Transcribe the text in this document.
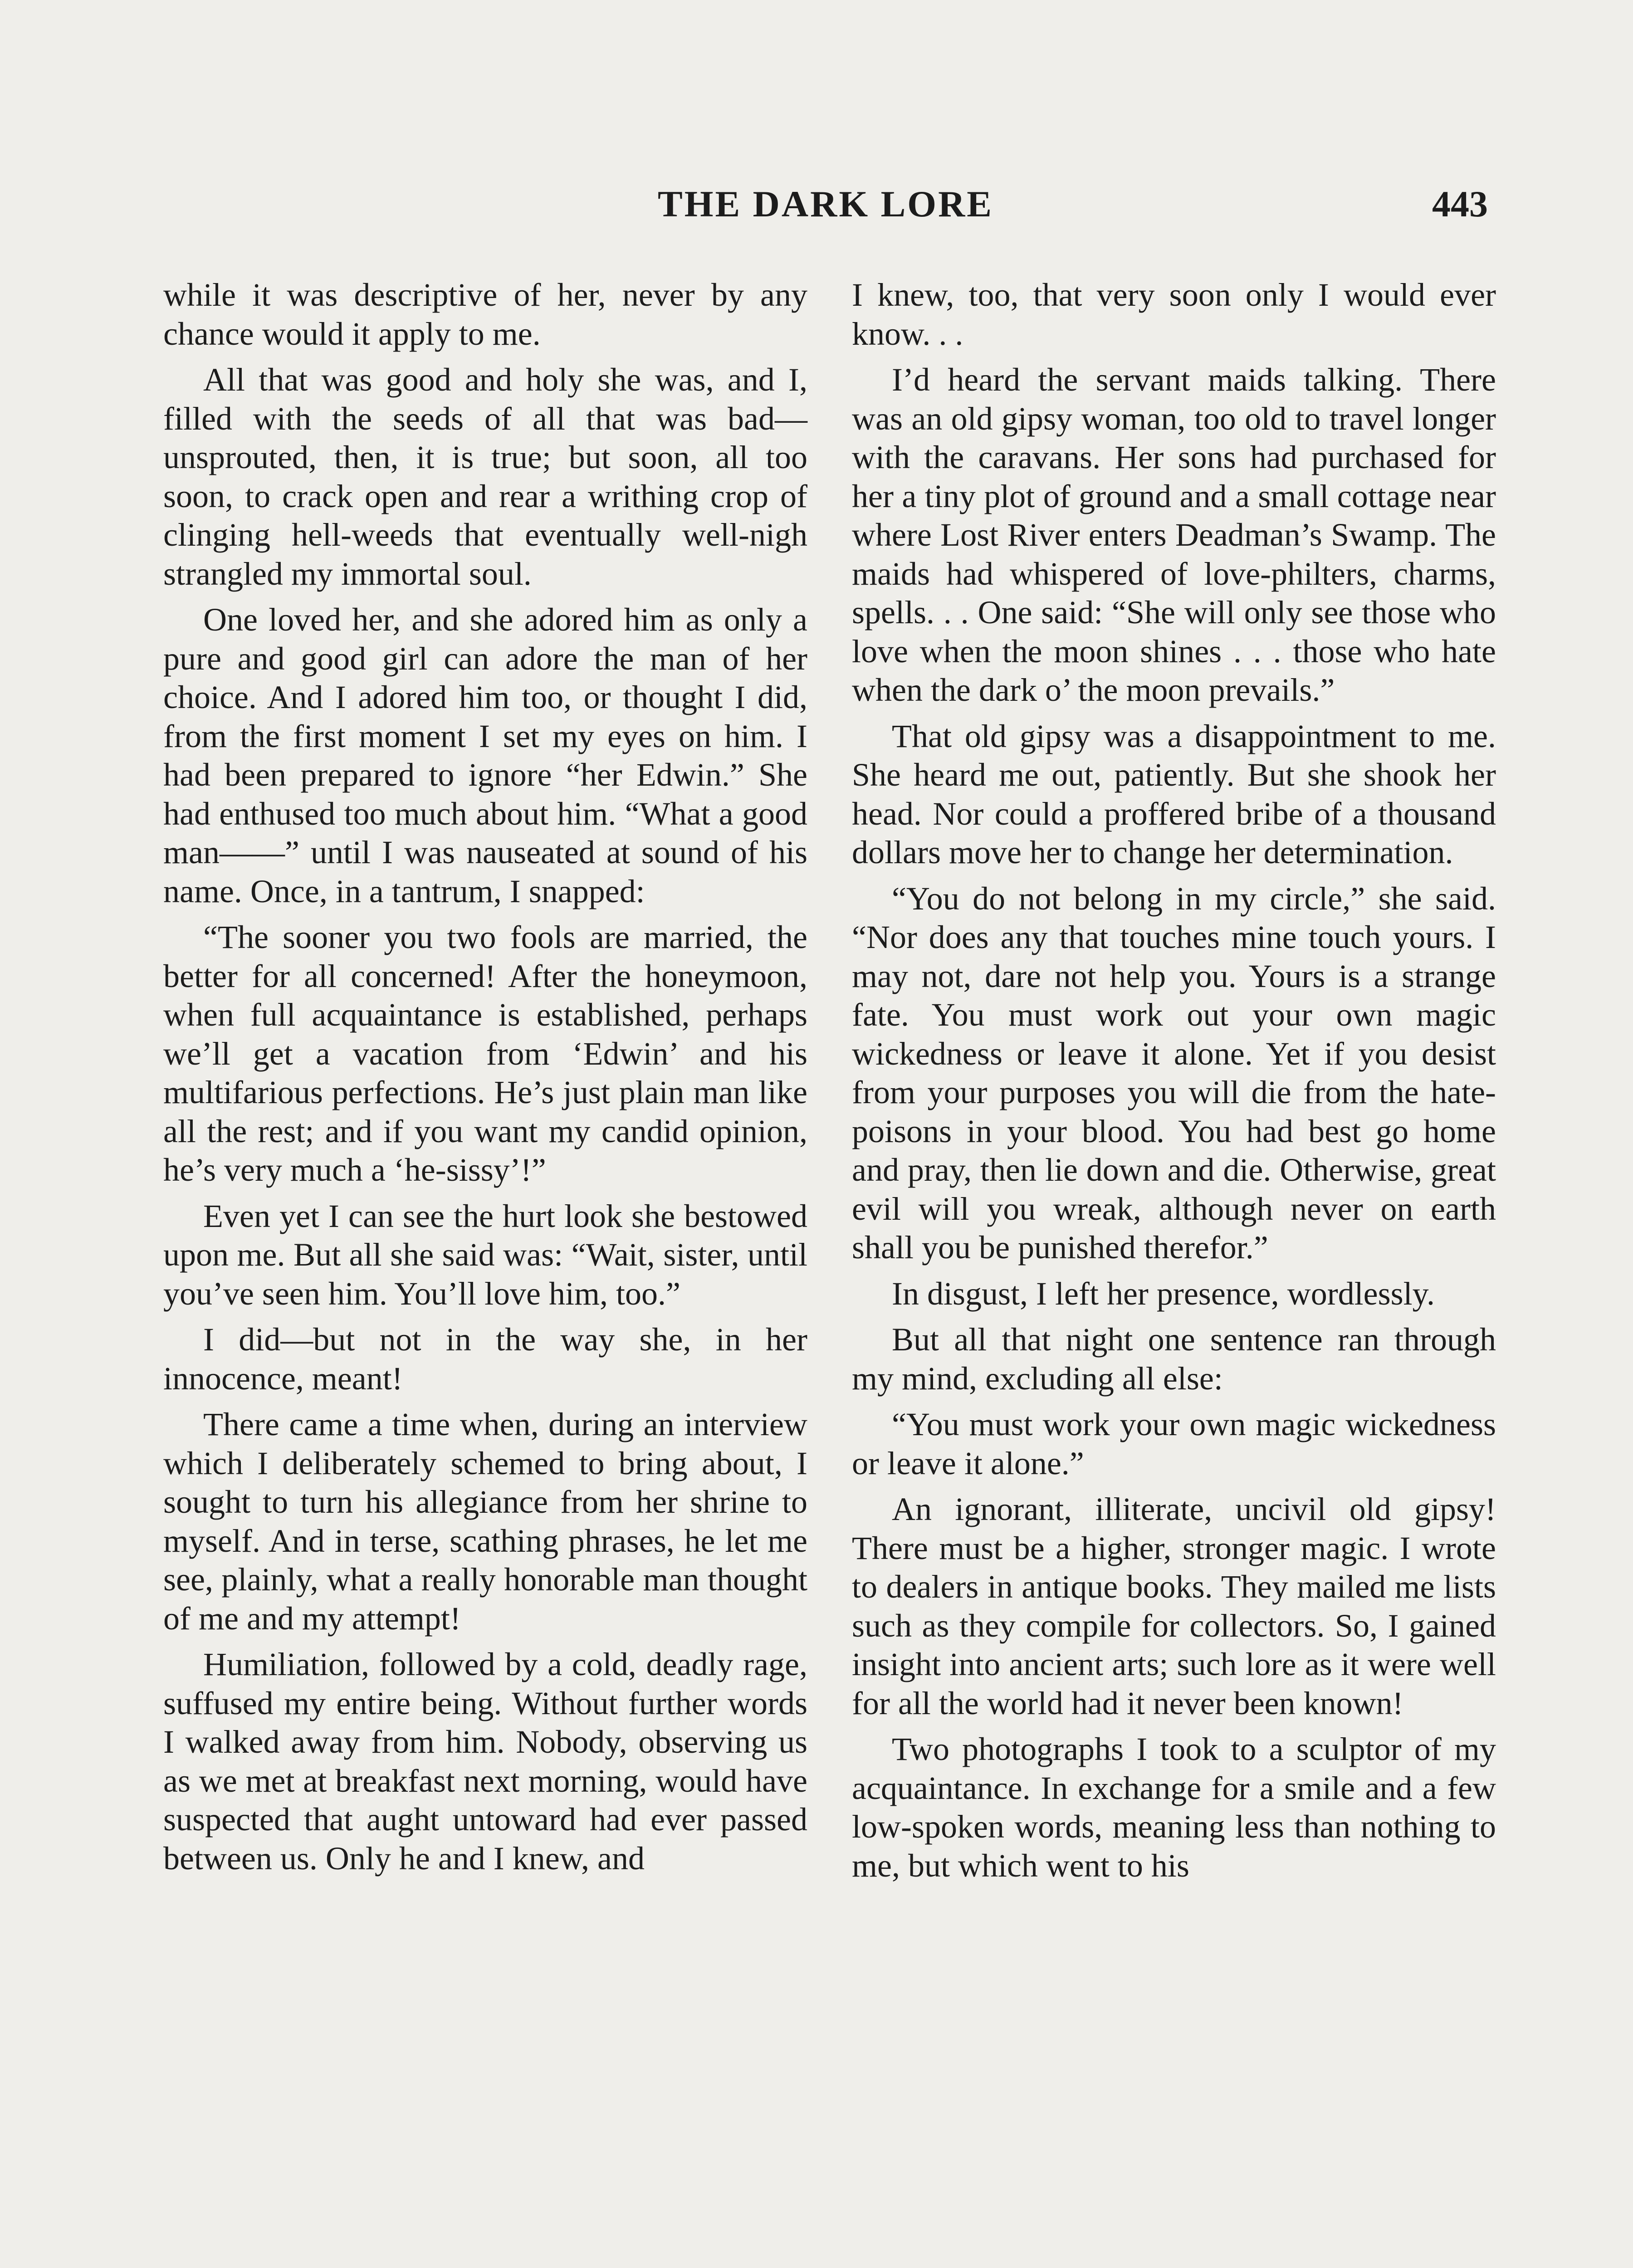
THE DARK LORE	443

while it was descriptive of her, never by any chance would it apply to me.

All that was good and holy she was, and I, filled with the seeds of all that was bad—unsprouted, then, it is true; but soon, all too soon, to crack open and rear a writhing crop of clinging hell-weeds that eventually well-nigh strangled my immortal soul.

One loved her, and she adored him as only a pure and good girl can adore the man of her choice. And I adored him too, or thought I did, from the first moment I set my eyes on him. I had been prepared to ignore “her Edwin.” She had enthused too much about him. “What a good man——” until I was nauseated at sound of his name. Once, in a tantrum, I snapped:

“The sooner you two fools are married, the better for all concerned! After the honeymoon, when full acquaintance is established, perhaps we’ll get a vacation from ‘Edwin’ and his multifarious perfections. He’s just plain man like all the rest; and if you want my candid opinion, he’s very much a ‘he-sissy’!”

Even yet I can see the hurt look she bestowed upon me. But all she said was: “Wait, sister, until you’ve seen him. You’ll love him, too.”

I did—but not in the way she, in her innocence, meant!

There came a time when, during an interview which I deliberately schemed to bring about, I sought to turn his allegiance from her shrine to myself. And in terse, scathing phrases, he let me see, plainly, what a really honorable man thought of me and my attempt!

Humiliation, followed by a cold, deadly rage, suffused my entire being. Without further words I walked away from him. Nobody, observing us as we met at breakfast next morning, would have suspected that aught untoward had ever passed between us. Only he and I knew, and

I knew, too, that very soon only I would ever know. . .

I’d heard the servant maids talking. There was an old gipsy woman, too old to travel longer with the caravans. Her sons had purchased for her a tiny plot of ground and a small cottage near where Lost River enters Deadman’s Swamp. The maids had whispered of love-philters, charms, spells. . . One said: “She will only see those who love when the moon shines . . . those who hate when the dark o’ the moon prevails.”

That old gipsy was a disappointment to me. She heard me out, patiently. But she shook her head. Nor could a proffered bribe of a thousand dollars move her to change her determination.

“You do not belong in my circle,” she said. “Nor does any that touches mine touch yours. I may not, dare not help you. Yours is a strange fate. You must work out your own magic wickedness or leave it alone. Yet if you desist from your purposes you will die from the hate-poisons in your blood. You had best go home and pray, then lie down and die. Otherwise, great evil will you wreak, although never on earth shall you be punished therefor.”

In disgust, I left her presence, wordlessly.

But all that night one sentence ran through my mind, excluding all else:

“You must work your own magic wickedness or leave it alone.”

An ignorant, illiterate, uncivil old gipsy! There must be a higher, stronger magic. I wrote to dealers in antique books. They mailed me lists such as they compile for collectors. So, I gained insight into ancient arts; such lore as it were well for all the world had it never been known!

Two photographs I took to a sculptor of my acquaintance. In exchange for a smile and a few low-spoken words, meaning less than nothing to me, but which went to his
